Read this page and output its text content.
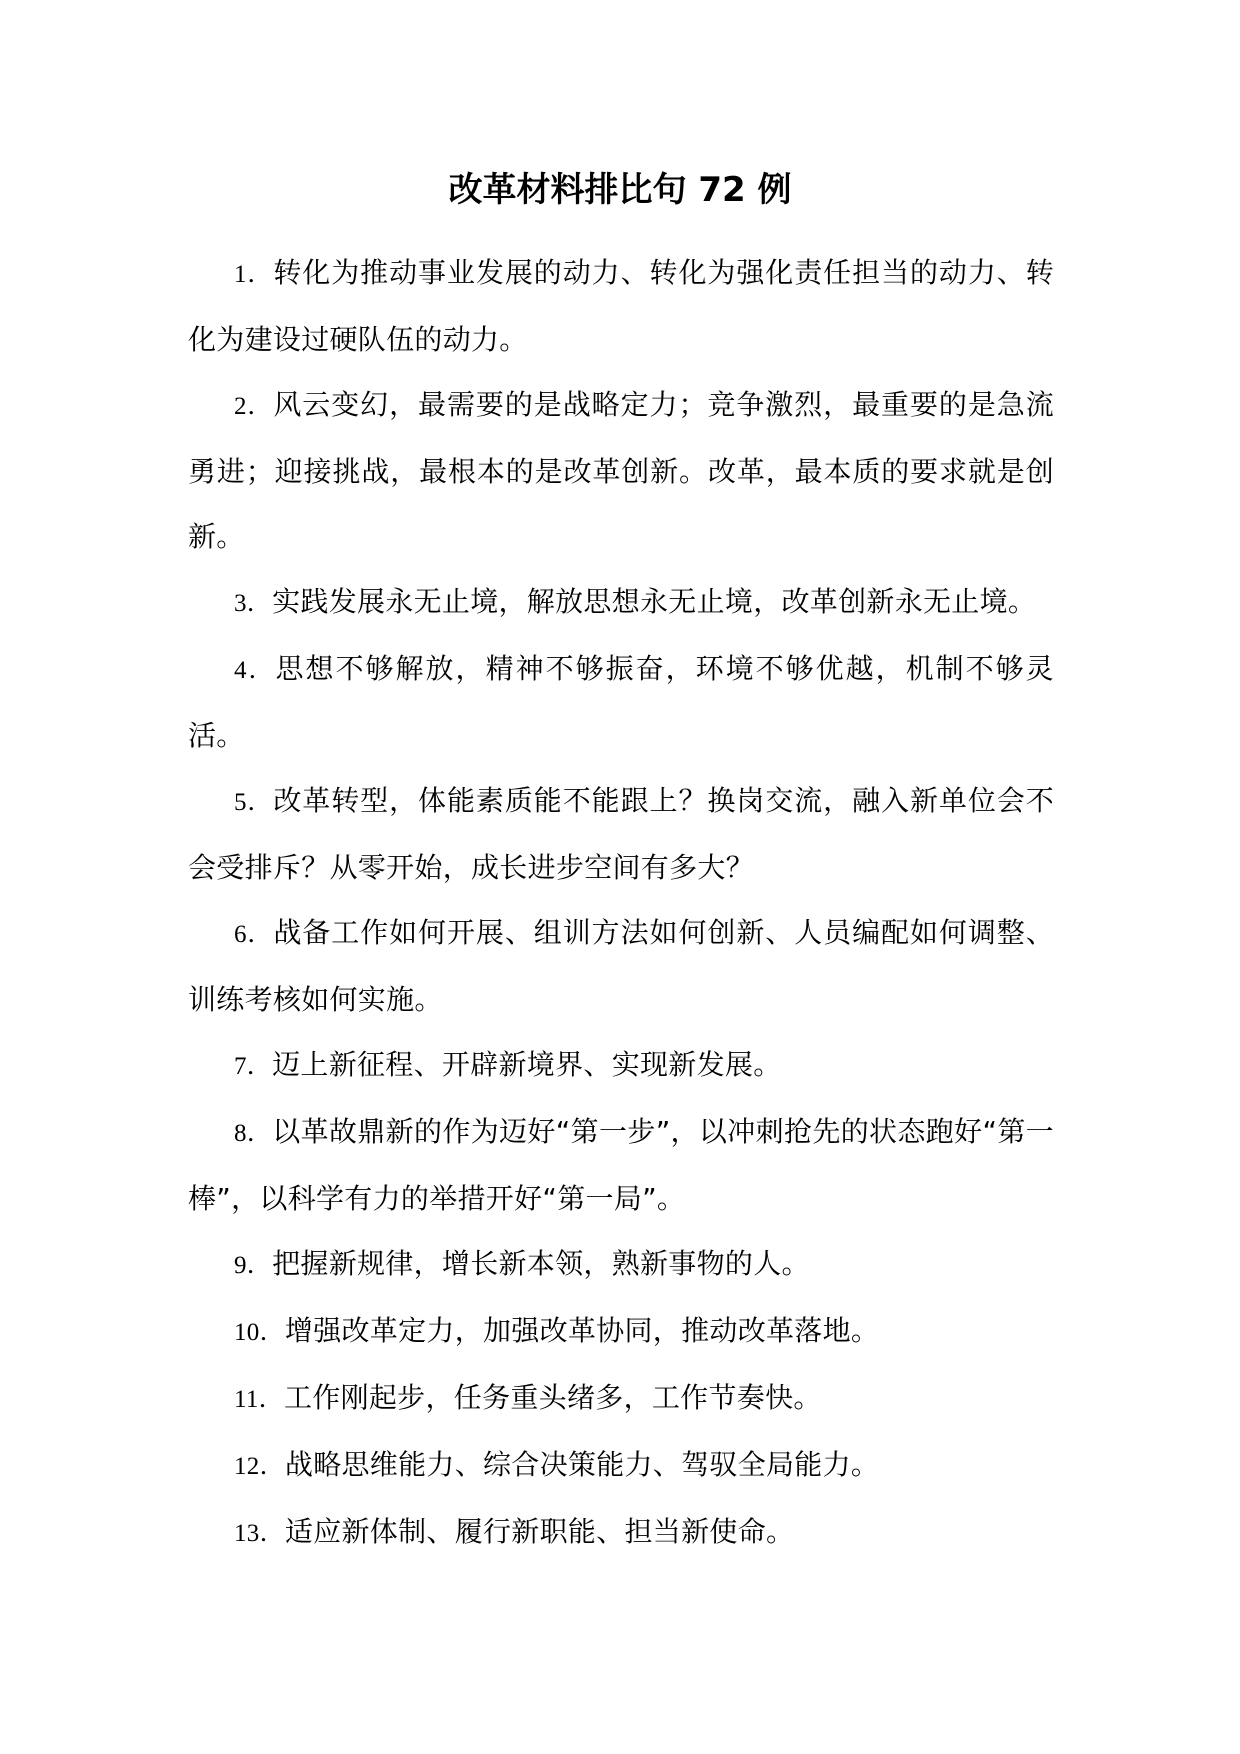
改革材料排比句 72 例
1．转化为推动事业发展的动力、转化为强化责任担当的动力、转化为建设过硬队伍的动力。
2．风云变幻，最需要的是战略定力；竞争激烈，最重要的是急流勇进；迎接挑战，最根本的是改革创新。改革，最本质的要求就是创新。
3．实践发展永无止境，解放思想永无止境，改革创新永无止境。
4．思想不够解放，精神不够振奋，环境不够优越，机制不够灵活。
5．改革转型，体能素质能不能跟上？换岗交流，融入新单位会不会受排斥？从零开始，成长进步空间有多大？
6．战备工作如何开展、组训方法如何创新、人员编配如何调整、训练考核如何实施。
7．迈上新征程、开辟新境界、实现新发展。
8．以革故鼎新的作为迈好“第一步”，以冲刺抢先的状态跑好“第一棒”，以科学有力的举措开好“第一局”。
9．把握新规律，增长新本领，熟新事物的人。
10．增强改革定力，加强改革协同，推动改革落地。
11．工作刚起步，任务重头绪多，工作节奏快。
12．战略思维能力、综合决策能力、驾驭全局能力。
13．适应新体制、履行新职能、担当新使命。
